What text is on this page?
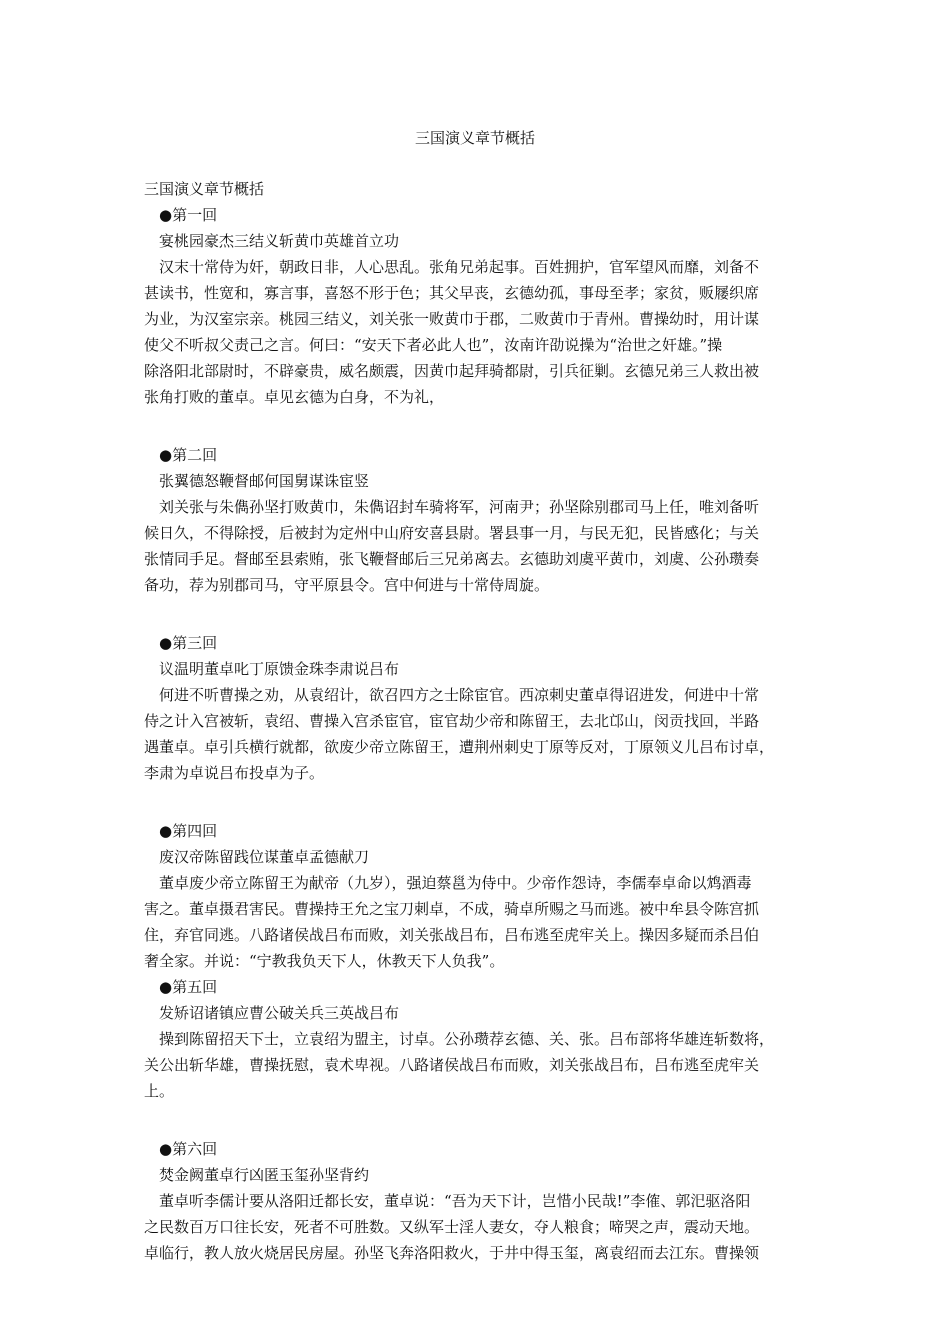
三国演义章节概括
三国演义章节概括
●第一回
宴桃园豪杰三结义斩黄巾英雄首立功
汉末十常侍为奸，朝政日非，人心思乱。张角兄弟起事。百姓拥护，官军望风而靡，刘备不
甚读书，性宽和，寡言事，喜怒不形于色；其父早丧，玄德幼孤，事母至孝；家贫，贩屦织席
为业，为汉室宗亲。桃园三结义，刘关张一败黄巾于郡，二败黄巾于青州。曹操幼时，用计谋
使父不听叔父责己之言。何曰：“安天下者必此人也”，汝南许劭说操为“治世之奸雄。”操
除洛阳北部尉时，不辟豪贵，威名颇震，因黄巾起拜骑都尉，引兵征剿。玄德兄弟三人救出被
张角打败的董卓。卓见玄德为白身，不为礼，
●第二回
张翼德怒鞭督邮何国舅谋诛宦竖
刘关张与朱儁孙坚打败黄巾，朱儁诏封车骑将军，河南尹；孙坚除别郡司马上任，唯刘备听
候日久，不得除授，后被封为定州中山府安喜县尉。署县事一月，与民无犯，民皆感化；与关
张情同手足。督邮至县索贿，张飞鞭督邮后三兄弟离去。玄德助刘虞平黄巾，刘虞、公孙瓒奏
备功，荐为别郡司马，守平原县令。宫中何进与十常侍周旋。
●第三回
议温明董卓叱丁原馈金珠李肃说吕布
何进不听曹操之劝，从袁绍计，欲召四方之士除宦官。西凉刺史董卓得诏进发，何进中十常
侍之计入宫被斩，袁绍、曹操入宫杀宦官，宦官劫少帝和陈留王，去北邙山，闵贡找回，半路
遇董卓。卓引兵横行就都，欲废少帝立陈留王，遭荆州刺史丁原等反对，丁原领义儿吕布讨卓，
李肃为卓说吕布投卓为子。
●第四回
废汉帝陈留践位谋董卓孟德献刀
董卓废少帝立陈留王为献帝（九岁），强迫蔡邕为侍中。少帝作怨诗，李儒奉卓命以鸩酒毒
害之。董卓摄君害民。曹操持王允之宝刀刺卓，不成，骑卓所赐之马而逃。被中牟县令陈宫抓
住，弃官同逃。八路诸侯战吕布而败，刘关张战吕布，吕布逃至虎牢关上。操因多疑而杀吕伯
奢全家。并说：“宁教我负天下人，休教天下人负我”。
●第五回
发矫诏诸镇应曹公破关兵三英战吕布
操到陈留招天下士，立袁绍为盟主，讨卓。公孙瓒荐玄德、关、张。吕布部将华雄连斩数将，
关公出斩华雄，曹操抚慰，袁术卑视。八路诸侯战吕布而败，刘关张战吕布，吕布逃至虎牢关
上。
●第六回
焚金阙董卓行凶匿玉玺孙坚背约
董卓听李儒计要从洛阳迁都长安，董卓说：“吾为天下计，岂惜小民哉!”李傕、郭汜驱洛阳
之民数百万口往长安，死者不可胜数。又纵军士淫人妻女，夺人粮食；啼哭之声，震动天地。
卓临行，教人放火烧居民房屋。孙坚飞奔洛阳救火，于井中得玉玺，离袁绍而去江东。曹操领
